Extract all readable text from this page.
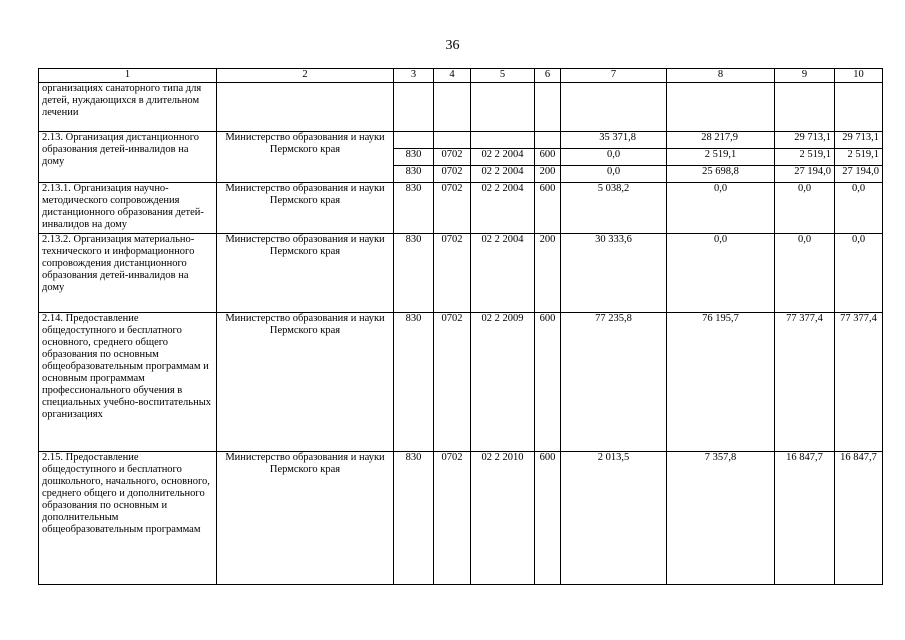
36
1	2	3	4	5	6	7	8	9	10
организациях санаторного типа для детей, нуждающихся в длительном лечении									
2.13. Организация дистанционного образования детей-инвалидов на дому	Министерство образования и науки Пермского края					35 371,8	28 217,9	29 713,1	29 713,1
		830	0702	02 2 2004	600	0,0	2 519,1	2 519,1	2 519,1
		830	0702	02 2 2004	200	0,0	25 698,8	27 194,0	27 194,0
2.13.1. Организация научно-методического сопровождения дистанционного образования детей-инвалидов на дому	Министерство образования и науки Пермского края	830	0702	02 2 2004	600	5 038,2	0,0	0,0	0,0
2.13.2. Организация материально-технического и информационного сопровождения дистанционного образования детей-инвалидов на дому	Министерство образования и науки Пермского края	830	0702	02 2 2004	200	30 333,6	0,0	0,0	0,0
2.14. Предоставление общедоступного и бесплатного основного, среднего общего образования по основным общеобразовательным программам и основным программам профессионального обучения в специальных учебно-воспитательных организациях	Министерство образования и науки Пермского края	830	0702	02 2 2009	600	77 235,8	76 195,7	77 377,4	77 377,4
2.15. Предоставление общедоступного и бесплатного дошкольного, начального, основного, среднего общего и дополнительного образования по основным и дополнительным общеобразовательным программам	Министерство образования и науки Пермского края	830	0702	02 2 2010	600	2 013,5	7 357,8	16 847,7	16 847,7
